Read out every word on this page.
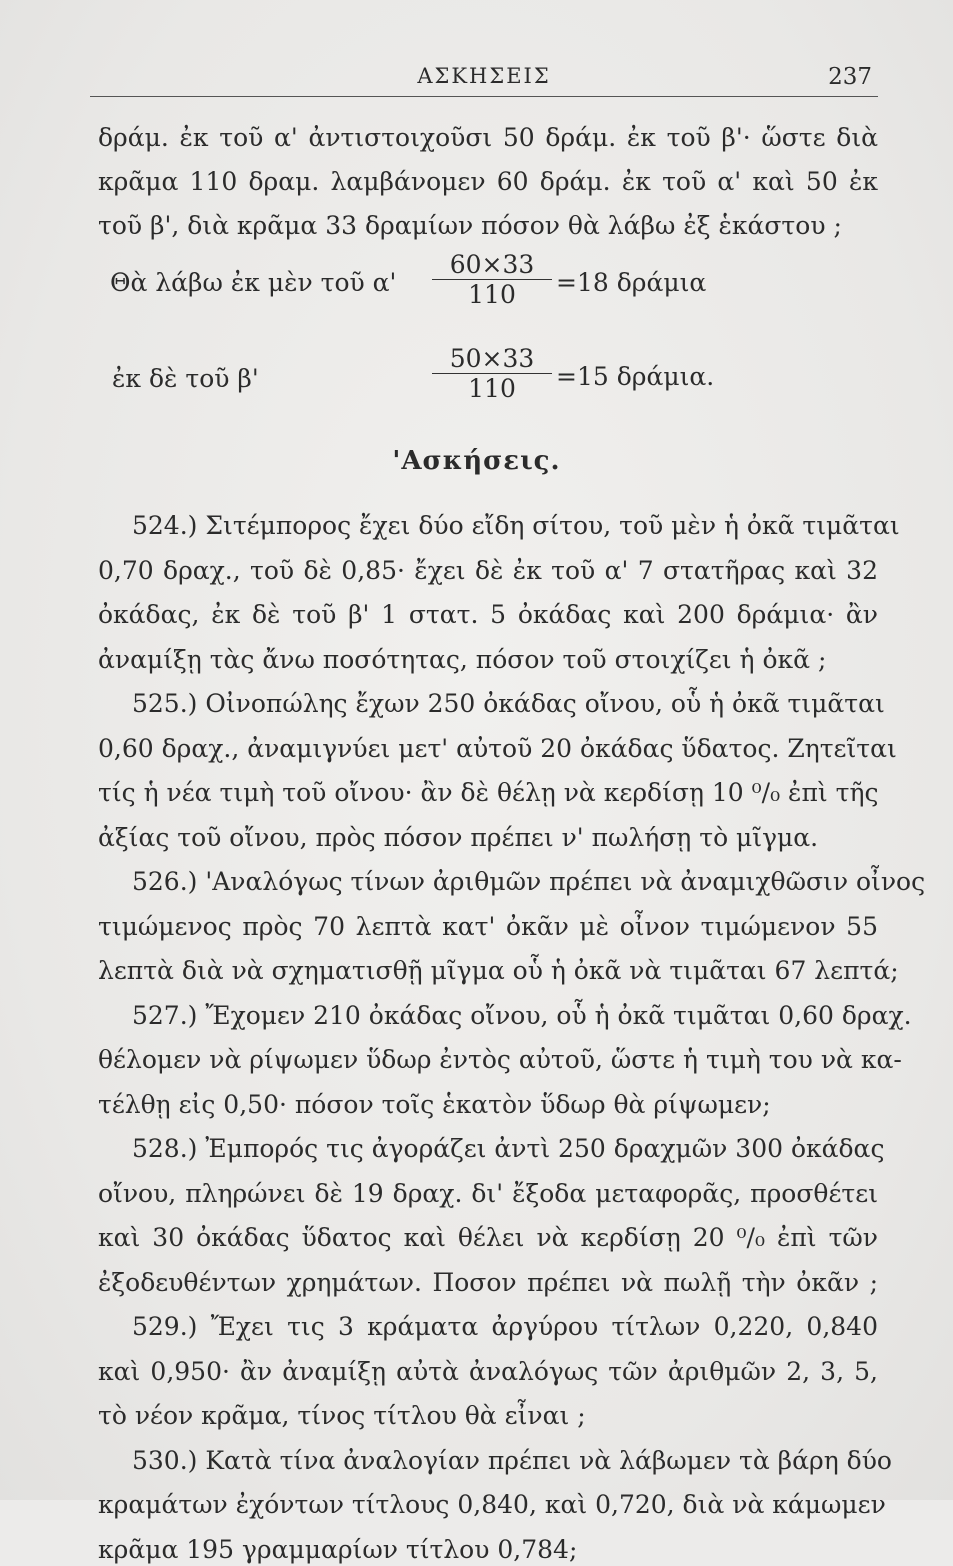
ΑΣΚΗΣΕΙΣ	237
δράμ. ἐκ τοῦ α' ἀντιστοιχοῦσι 50 δράμ. ἐκ τοῦ β'· ὥστε διὰ
κρᾶμα 110 δραμ. λαμβάνομεν 60 δράμ. ἐκ τοῦ α' καὶ 50 ἐκ
τοῦ β', διὰ κρᾶμα 33 δραμίων πόσον θὰ λάβω ἐξ ἑκάστου ;
Θὰ λάβω ἐκ μὲν τοῦ $\alpha' \frac{60\times 33}{110} =18$ δράμια
ἐκ δὲ τοῦ β'	$\frac{50\times 33}{110} =15$ δράμια.
'Ασκήσεις.
524.) Σιτέμπορος ἔχει δύο εἴδη σίτου, τοῦ μὲν ἡ ὀκᾶ τιμᾶται
0,70 δραχ., τοῦ δὲ 0,85· ἔχει δὲ ἐκ τοῦ α' 7 στατῆρας καὶ 32
ὀκάδας, ἐκ δὲ τοῦ β' 1 στατ. 5 ὀκάδας καὶ 200 δράμια· ἂν
ἀναμίξῃ τὰς ἄνω ποσότητας, πόσον τοῦ στοιχίζει ἡ ὀκᾶ ;
525.) Οἰνοπώλης ἔχων 250 ὀκάδας οἴνου, οὗ ἡ ὀκᾶ τιμᾶται
0,60 δραχ., ἀναμιγνύει μετ' αὐτοῦ 20 ὀκάδας ὕδατος. Ζητεῖται
τίς ἡ νέα τιμὴ τοῦ οἴνου· ἂν δὲ θέλῃ νὰ κερδίσῃ 10 ⁰/₀ ἐπὶ τῆς
ἀξίας τοῦ οἴνου, πρὸς πόσον πρέπει ν' πωλήσῃ τὸ μῖγμα.
526.) 'Αναλόγως τίνων ἀριθμῶν πρέπει νὰ ἀναμιχθῶσιν οἶνος
τιμώμενος πρὸς 70 λεπτὰ κατ' ὀκᾶν μὲ οἶνον τιμώμενον 55
λεπτὰ διὰ νὰ σχηματισθῇ μῖγμα οὗ ἡ ὀκᾶ νὰ τιμᾶται 67 λεπτά;
527.) Ἔχομεν 210 ὀκάδας οἴνου, οὗ ἡ ὀκᾶ τιμᾶται 0,60 δραχ.
θέλομεν νὰ ρίψωμεν ὕδωρ ἐντὸς αὐτοῦ, ὥστε ἡ τιμὴ του νὰ κα-
τέλθῃ εἰς 0,50· πόσον τοῖς ἑκατὸν ὕδωρ θὰ ρίψωμεν;
528.) Ἐμπορός τις ἀγοράζει ἀντὶ 250 δραχμῶν 300 ὀκάδας
οἴνου, πληρώνει δὲ 19 δραχ. δι' ἔξοδα μεταφορᾶς, προσθέτει
καὶ 30 ὀκάδας ὕδατος καὶ θέλει νὰ κερδίσῃ 20 ⁰/₀ ἐπὶ τῶν
ἐξοδευθέντων χρημάτων. Ποσον πρέπει νὰ πωλῇ τὴν ὀκᾶν ;
529.) Ἔχει τις 3 κράματα ἀργύρου τίτλων 0,220, 0,840
καὶ 0,950· ἂν ἀναμίξῃ αὐτὰ ἀναλόγως τῶν ἀριθμῶν 2, 3, 5,
τὸ νέον κρᾶμα, τίνος τίτλου θὰ εἶναι ;
530.) Κατὰ τίνα ἀναλογίαν πρέπει νὰ λάβωμεν τὰ βάρη δύο
κραμάτων ἐχόντων τίτλους 0,840, καὶ 0,720, διὰ νὰ κάμωμεν
κρᾶμα 195 γραμμαρίων τίτλου 0,784;
